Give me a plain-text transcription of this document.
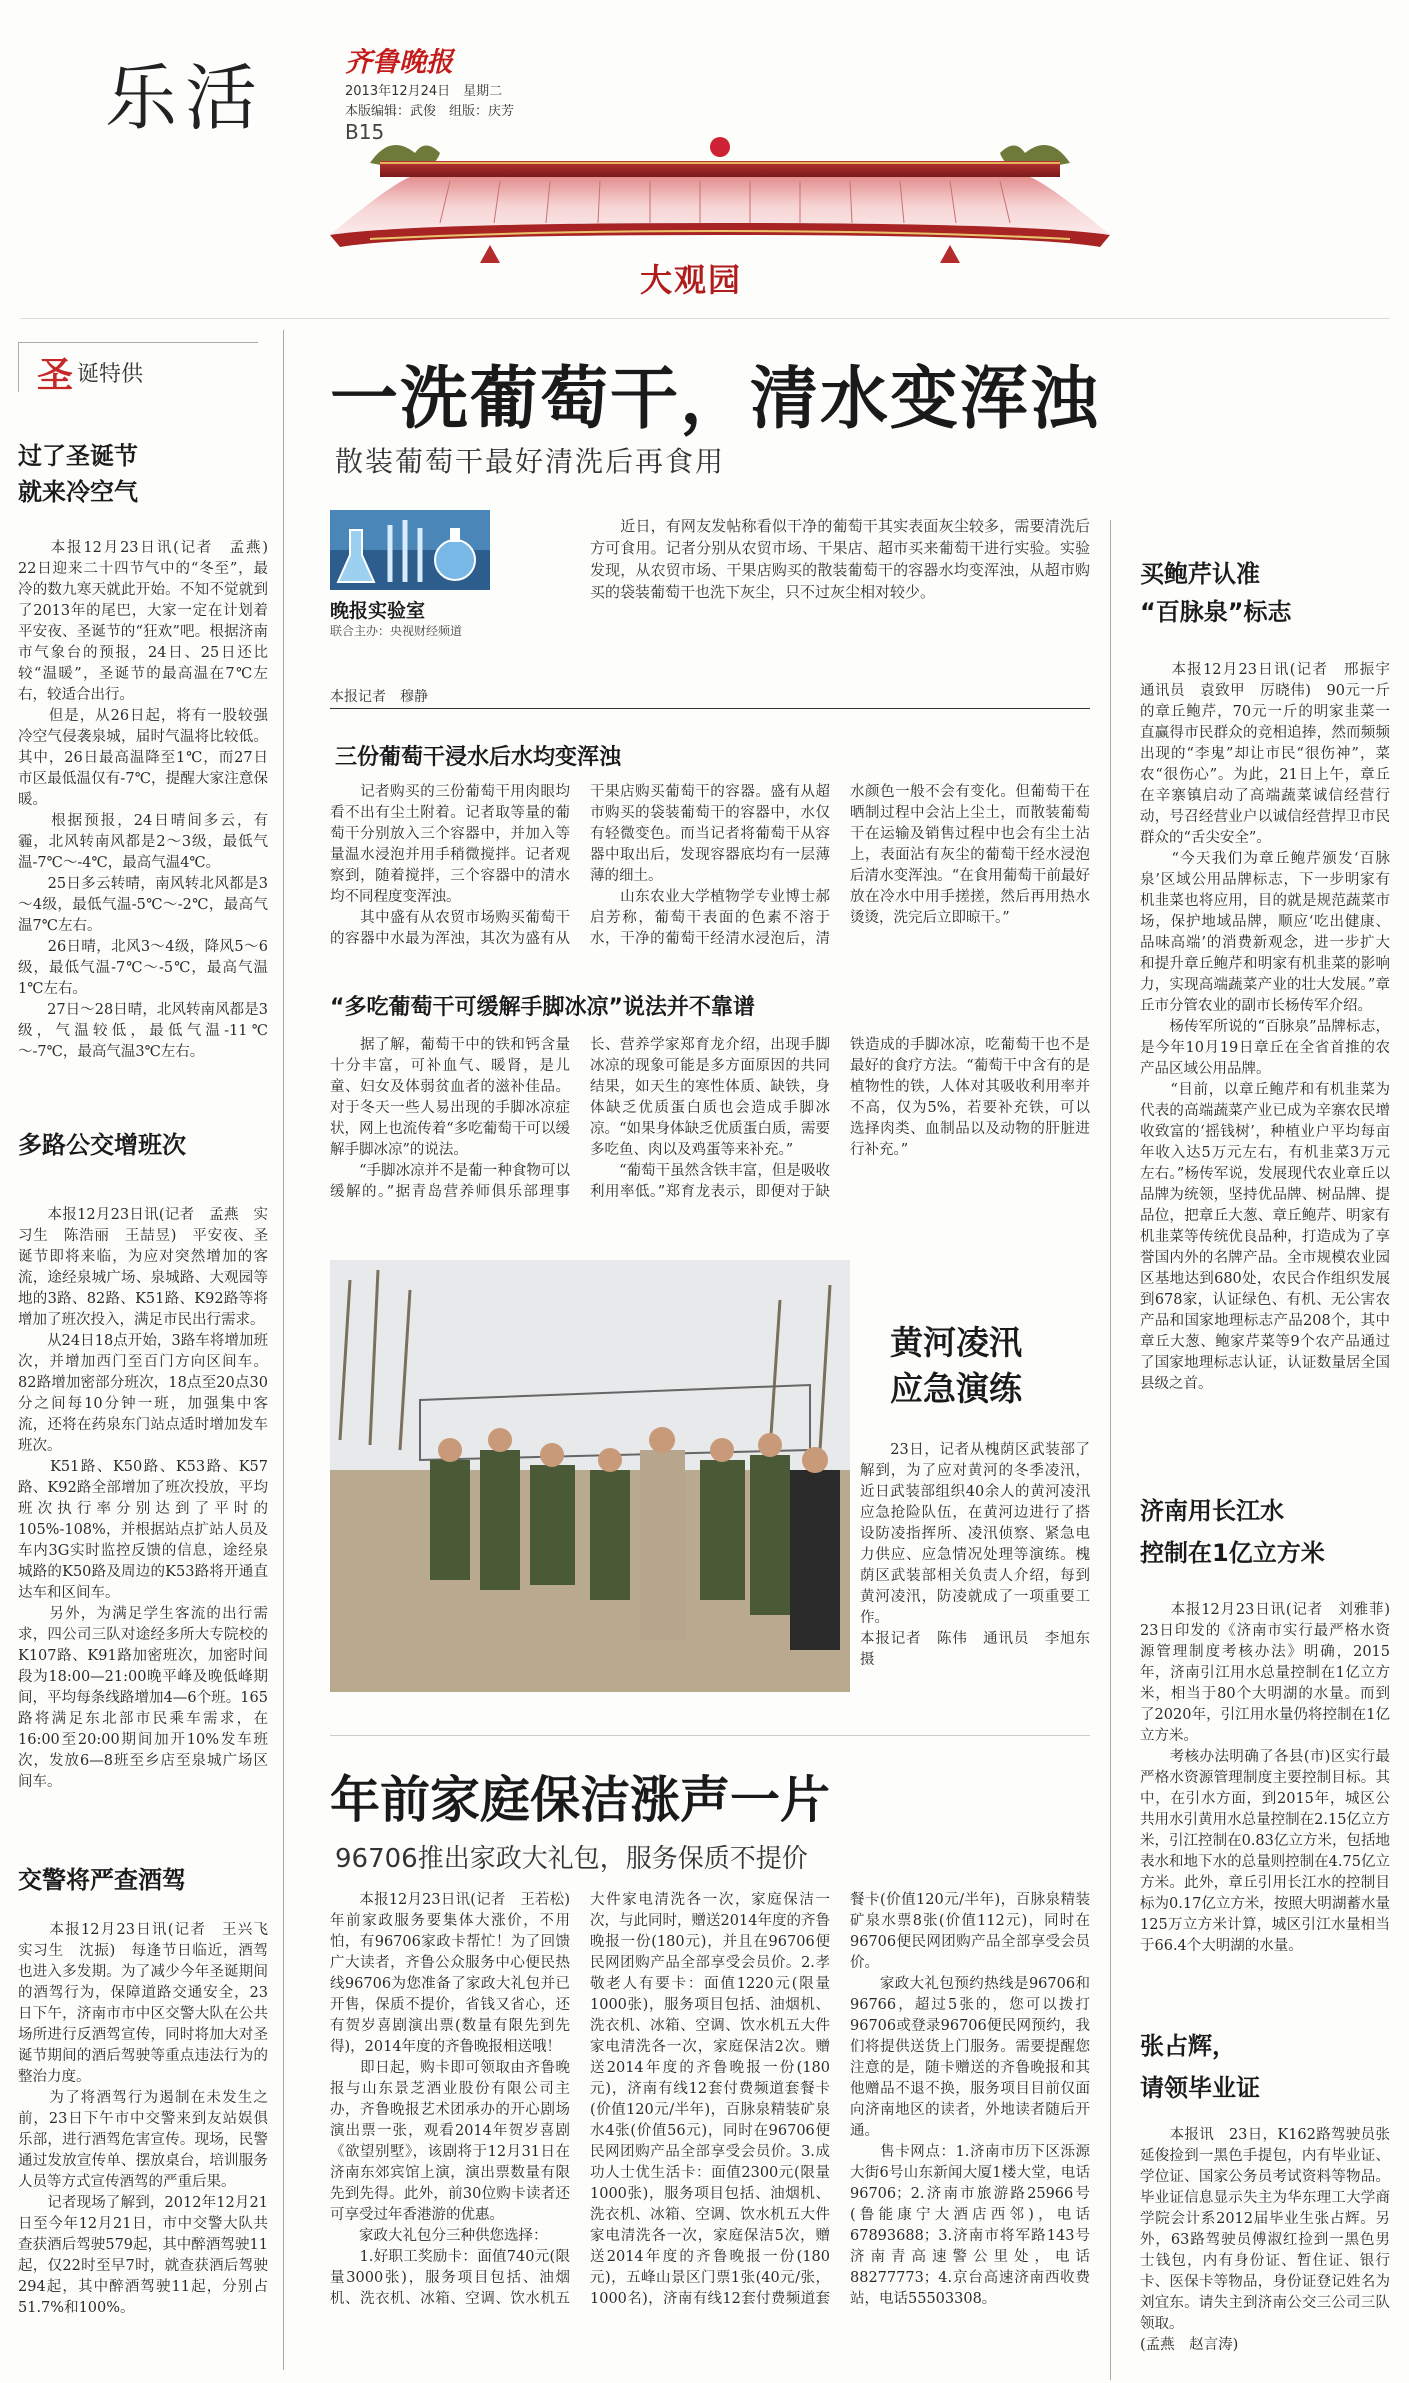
乐活	齐鲁晚报
2013年12月24日　星期二
本版编辑：武俊　组版：庆芳
B15
大观园
圣 诞特供
过了圣诞节
就来冷空气
　　本报12月23日讯(记者　孟燕)　22日迎来二十四节气中的“冬至”，最冷的数九寒天就此开始。不知不觉就到了2013年的尾巴，大家一定在计划着平安夜、圣诞节的“狂欢”吧。根据济南市气象台的预报，24日、25日还比较“温暖”，圣诞节的最高温在7℃左右，较适合出行。
　　但是，从26日起，将有一股较强冷空气侵袭泉城，届时气温将比较低。其中，26日最高温降至1℃，而27日市区最低温仅有-7℃，提醒大家注意保暖。
　　根据预报，24日晴间多云，有霾，北风转南风都是2～3级，最低气温-7℃～-4℃，最高气温4℃。
　　25日多云转晴，南风转北风都是3～4级，最低气温-5℃～-2℃，最高气温7℃左右。
　　26日晴，北风3～4级，降风5～6级，最低气温-7℃～-5℃，最高气温1℃左右。
　　27日～28日晴，北风转南风都是3级，气温较低，最低气温-11℃～-7℃，最高气温3℃左右。
多路公交增班次
　　本报12月23日讯(记者　孟燕　实习生　陈浩丽　王喆昱)　平安夜、圣诞节即将来临，为应对突然增加的客流，途经泉城广场、泉城路、大观园等地的3路、82路、K51路、K92路等将增加了班次投入，满足市民出行需求。
　　从24日18点开始，3路车将增加班次，并增加西门至百门方向区间车。82路增加密部分班次，18点至20点30分之间每10分钟一班，加强集中客流，还将在药泉东门站点适时增加发车班次。
　　K51路、K50路、K53路、K57路、K92路全部增加了班次投放，平均班次执行率分别达到了平时的105%-108%，并根据站点扩站人员及车内3G实时监控反馈的信息，途经泉城路的K50路及周边的K53路将开通直达车和区间车。
　　另外，为满足学生客流的出行需求，四公司三队对途经多所大专院校的K107路、K91路加密班次，加密时间段为18:00—21:00晚平峰及晚低峰期间，平均每条线路增加4—6个班。165路将满足东北部市民乘车需求，在16:00至20:00期间加开10%发车班次，发放6—8班至乡店至泉城广场区间车。
交警将严查酒驾
　　本报12月23日讯(记者　王兴飞　实习生　沈振)　每逢节日临近，酒驾也进入多发期。为了减少今年圣诞期间的酒驾行为，保障道路交通安全，23日下午，济南市市中区交警大队在公共场所进行反酒驾宣传，同时将加大对圣诞节期间的酒后驾驶等重点违法行为的整治力度。
　　为了将酒驾行为遏制在未发生之前，23日下午市中交警来到友站娱俱乐部，进行酒驾危害宣传。现场，民警通过发放宣传单、摆放桌台，培训服务人员等方式宣传酒驾的严重后果。
　　记者现场了解到，2012年12月21日至今年12月21日，市中交警大队共查获酒后驾驶579起，其中醉酒驾驶11起，仅22时至早7时，就查获酒后驾驶294起，其中醉酒驾驶11起，分别占51.7%和100%。
一洗葡萄干，清水变浑浊
散装葡萄干最好清洗后再食用
晚报实验室
联合主办：央视财经频道
　　近日，有网友发帖称看似干净的葡萄干其实表面灰尘较多，需要清洗后方可食用。记者分别从农贸市场、干果店、超市买来葡萄干进行实验。实验发现，从农贸市场、干果店购买的散装葡萄干的容器水均变浑浊，从超市购买的袋装葡萄干也洗下灰尘，只不过灰尘相对较少。
本报记者　穆静
三份葡萄干浸水后水均变浑浊
　　记者购买的三份葡萄干用肉眼均看不出有尘土附着。记者取等量的葡萄干分别放入三个容器中，并加入等量温水浸泡并用手稍微搅拌。记者观察到，随着搅拌，三个容器中的清水均不同程度变浑浊。
　　其中盛有从农贸市场购买葡萄干的容器中水最为浑浊，其次为盛有从干果店购买葡萄干的容器。盛有从超市购买的袋装葡萄干的容器中，水仅有轻微变色。而当记者将葡萄干从容器中取出后，发现容器底均有一层薄薄的细土。
　　山东农业大学植物学专业博士郝启芳称，葡萄干表面的色素不溶于水，干净的葡萄干经清水浸泡后，清水颜色一般不会有变化。但葡萄干在晒制过程中会沾上尘土，而散装葡萄干在运输及销售过程中也会有尘土沾上，表面沾有灰尘的葡萄干经水浸泡后清水变浑浊。“在食用葡萄干前最好放在冷水中用手搓搓，然后再用热水烫烫，洗完后立即晾干。”
“多吃葡萄干可缓解手脚冰凉”说法并不靠谱
　　据了解，葡萄干中的铁和钙含量十分丰富，可补血气、暖肾，是儿童、妇女及体弱贫血者的滋补佳品。对于冬天一些人易出现的手脚冰凉症状，网上也流传着“多吃葡萄干可以缓解手脚冰凉”的说法。
　　“手脚冰凉并不是葡一种食物可以缓解的。”据青岛营养师俱乐部理事长、营养学家郑育龙介绍，出现手脚冰凉的现象可能是多方面原因的共同结果，如天生的寒性体质、缺铁，身体缺乏优质蛋白质也会造成手脚冰凉。“如果身体缺乏优质蛋白质，需要多吃鱼、肉以及鸡蛋等来补充。”
　　“葡萄干虽然含铁丰富，但是吸收利用率低。”郑育龙表示，即便对于缺铁造成的手脚冰凉，吃葡萄干也不是最好的食疗方法。“葡萄干中含有的是植物性的铁，人体对其吸收利用率并不高，仅为5%，若要补充铁，可以选择肉类、血制品以及动物的肝脏进行补充。”
黄河凌汛
应急演练
　　23日，记者从槐荫区武装部了解到，为了应对黄河的冬季凌汛，近日武装部组织40余人的黄河凌汛应急抢险队伍，在黄河边进行了搭设防凌指挥所、凌汛侦察、紧急电力供应、应急情况处理等演练。槐荫区武装部相关负责人介绍，每到黄河凌汛，防凌就成了一项重要工作。
本报记者　陈伟　通讯员　李旭东　摄
年前家庭保洁涨声一片
96706推出家政大礼包，服务保质不提价
　　本报12月23日讯(记者　王若松)　年前家政服务要集体大涨价，不用怕，有96706家政卡帮忙！为了回馈广大读者，齐鲁公众服务中心便民热线96706为您准备了家政大礼包并已开售，保质不提价，省钱又省心，还有贺岁喜剧演出票(数量有限先到先得)，2014年度的齐鲁晚报相送哦！
　　即日起，购卡即可领取由齐鲁晚报与山东景芝酒业股份有限公司主办，齐鲁晚报艺术团承办的开心剧场演出票一张，观看2014年贺岁喜剧《欲望别墅》，该剧将于12月31日在济南东郊宾馆上演，演出票数量有限先到先得。此外，前30位购卡读者还可享受过年香港游的优惠。
　　家政大礼包分三种供您选择：
　　1.好职工奖励卡：面值740元(限量3000张)，服务项目包括、油烟机、洗衣机、冰箱、空调、饮水机五大件家电清洗各一次，家庭保洁一次，与此同时，赠送2014年度的齐鲁晚报一份(180元)，并且在96706便民网团购产品全部享受会员价。2.孝敬老人有要卡：面值1220元(限量1000张)，服务项目包括、油烟机、洗衣机、冰箱、空调、饮水机五大件家电清洗各一次，家庭保洁2次。赠送2014年度的齐鲁晚报一份(180元)，济南有线12套付费频道套餐卡(价值120元/半年)，百脉泉精装矿泉水4张(价值56元)，同时在96706便民网团购产品全部享受会员价。3.成功人士优生活卡：面值2300元(限量1000张)，服务项目包括、油烟机、洗衣机、冰箱、空调、饮水机五大件家电清洗各一次，家庭保洁5次，赠送2014年度的齐鲁晚报一份(180元)，五峰山景区门票1张(40元/张，1000名)，济南有线12套付费频道套餐卡(价值120元/半年)，百脉泉精装矿泉水票8张(价值112元)，同时在96706便民网团购产品全部享受会员价。
　　家政大礼包预约热线是96706和96766，超过5张的，您可以拨打96706或登录96706便民网预约，我们将提供送货上门服务。需要提醒您注意的是，随卡赠送的齐鲁晚报和其他赠品不退不换，服务项目目前仅面向济南地区的读者，外地读者随后开通。
　　售卡网点：1.济南市历下区泺源大街6号山东新闻大厦1楼大堂，电话96706；2.济南市旅游路25966号(鲁能康宁大酒店西邻)，电话67893688；3.济南市将军路143号济南青高速警公里处，电话88277773；4.京台高速济南西收费站，电话55503308。
买鲍芹认准
“百脉泉”标志
　　本报12月23日讯(记者　邢振宇　通讯员　袁致甲　厉晓伟)　90元一斤的章丘鲍芹，70元一斤的明家韭菜一直赢得市民群众的竞相追捧，然而频频出现的“李鬼”却让市民“很伤神”，菜农“很伤心”。为此，21日上午，章丘在辛寨镇启动了高端蔬菜诚信经营行动，号召经营业户以诚信经营捍卫市民群众的“舌尖安全”。
　　“今天我们为章丘鲍芹颁发‘百脉泉’区域公用品牌标志，下一步明家有机韭菜也将应用，目的就是规范蔬菜市场，保护地域品牌，顺应‘吃出健康、品味高端’的消费新观念，进一步扩大和提升章丘鲍芹和明家有机韭菜的影响力，实现高端蔬菜产业的壮大发展。”章丘市分管农业的副市长杨传军介绍。
　　杨传军所说的“百脉泉”品牌标志，是今年10月19日章丘在全省首推的农产品区域公用品牌。
　　“目前，以章丘鲍芹和有机韭菜为代表的高端蔬菜产业已成为辛寨农民增收致富的‘摇钱树’，种植业户平均每亩年收入达5万元左右，有机韭菜3万元左右。”杨传军说，发展现代农业章丘以品牌为统领，坚持优品牌、树品牌、提品位，把章丘大葱、章丘鲍芹、明家有机韭菜等传统优良品种，打造成为了享誉国内外的名牌产品。全市规模农业园区基地达到680处，农民合作组织发展到678家，认证绿色、有机、无公害农产品和国家地理标志产品208个，其中章丘大葱、鲍家芹菜等9个农产品通过了国家地理标志认证，认证数量居全国县级之首。
济南用长江水
控制在1亿立方米
　　本报12月23日讯(记者　刘雅菲)　23日印发的《济南市实行最严格水资源管理制度考核办法》明确，2015年，济南引江用水总量控制在1亿立方米，相当于80个大明湖的水量。而到了2020年，引江用水量仍将控制在1亿立方米。
　　考核办法明确了各县(市)区实行最严格水资源管理制度主要控制目标。其中，在引水方面，到2015年，城区公共用水引黄用水总量控制在2.15亿立方米，引江控制在0.83亿立方米，包括地表水和地下水的总量则控制在4.75亿立方米。此外，章丘引用长江水的控制目标为0.17亿立方米，按照大明湖蓄水量125万立方米计算，城区引江水量相当于66.4个大明湖的水量。
张占辉，
请领毕业证
　　本报讯　23日，K162路驾驶员张延俊捡到一黑色手提包，内有毕业证、学位证、国家公务员考试资料等物品。毕业证信息显示失主为华东理工大学商学院会计系2012届毕业生张占辉。另外，63路驾驶员傅淑红捡到一黑色男士钱包，内有身份证、暂住证、银行卡、医保卡等物品，身份证登记姓名为刘宜东。请失主到济南公交三公司三队领取。
(孟燕　赵言涛)
